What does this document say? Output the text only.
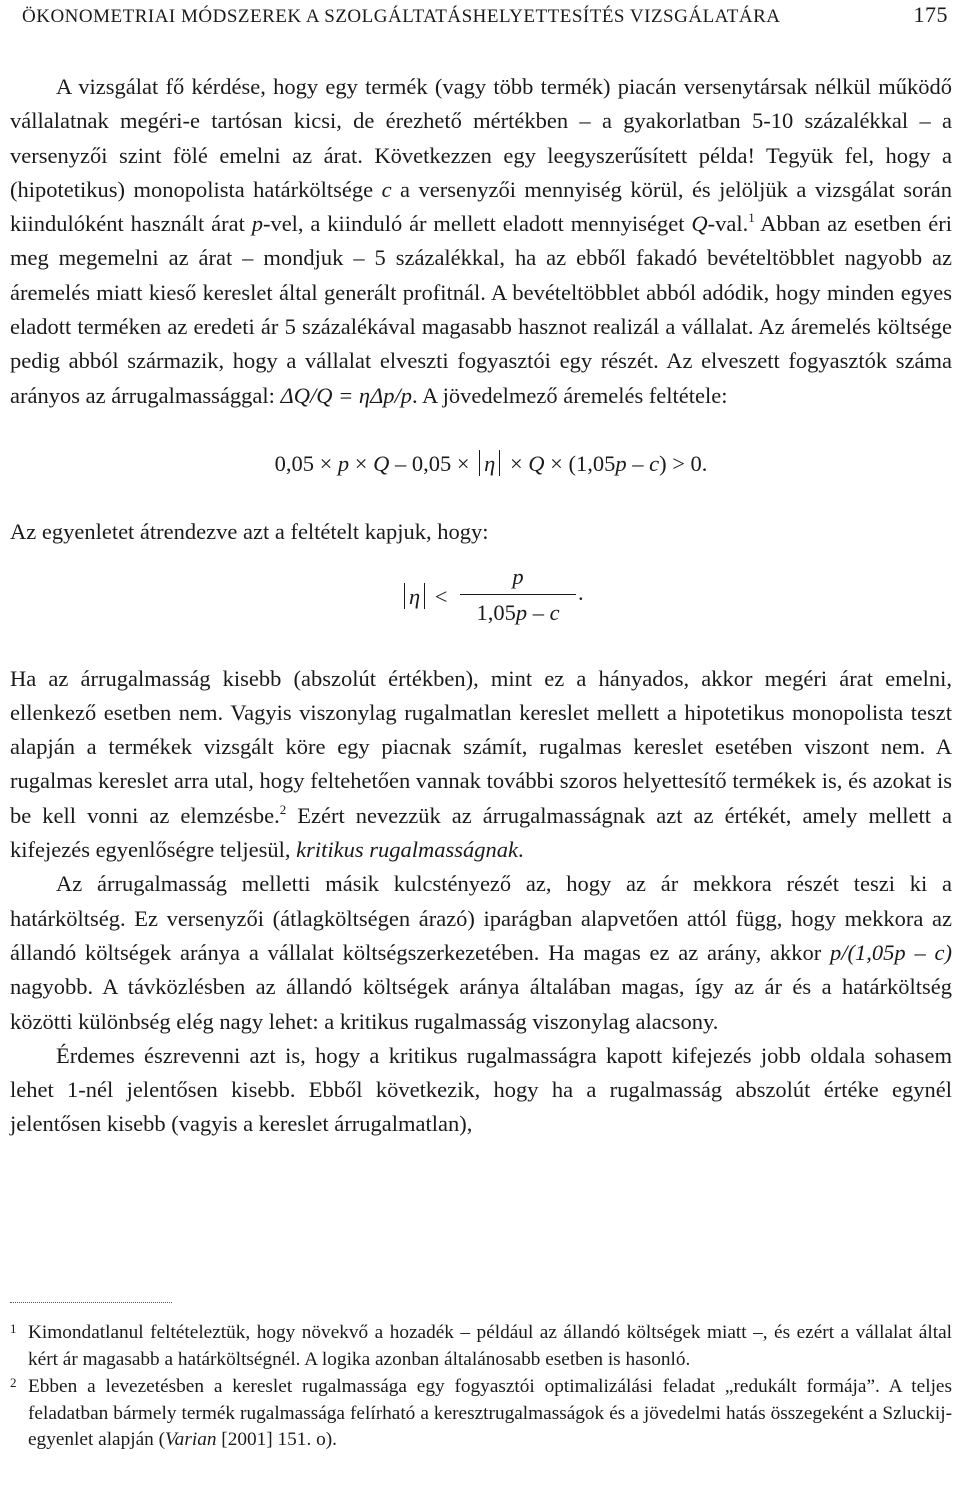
ÖKONOMETRIAI MÓDSZEREK A SZOLGÁLTATÁSHELYETTESÍTÉS VIZSGÁLATÁRA	175

A vizsgálat fő kérdése, hogy egy termék (vagy több termék) piacán versenytársak nélkül működő vállalatnak megéri-e tartósan kicsi, de érezhető mértékben – a gyakorlatban 5-10 százalékkal – a versenyzői szint fölé emelni az árat. Következzen egy leegyszerűsített példa! Tegyük fel, hogy a (hipotetikus) monopolista határköltsége c a versenyzői mennyiség körül, és jelöljük a vizsgálat során kiindulóként használt árat p-vel, a kiinduló ár mellett eladott mennyiséget Q-val.$^1$ Abban az esetben éri meg megemelni az árat – mondjuk – 5 százalékkal, ha az ebből fakadó bevételtöbblet nagyobb az áremelés miatt kieső kereslet által generált profitnál. A bevételtöbblet abból adódik, hogy minden egyes eladott terméken az eredeti ár 5 százalékával magasabb hasznot realizál a vállalat. Az áremelés költsége pedig abból származik, hogy a vállalat elveszti fogyasztói egy részét. Az elveszett fogyasztók száma arányos az árrugalmassággal: ΔQ/Q = ηΔp/p. A jövedelmező áremelés feltétele:

0,05 × p × Q – 0,05 × η × Q × (1,05p – c) > 0.

Az egyenletet átrendezve azt a feltételt kapjuk, hogy:

η <
p
1,05p – c
.

Ha az árrugalmasság kisebb (abszolút értékben), mint ez a hányados, akkor megéri árat emelni, ellenkező esetben nem. Vagyis viszonylag rugalmatlan kereslet mellett a hipotetikus monopolista teszt alapján a termékek vizsgált köre egy piacnak számít, rugalmas kereslet esetében viszont nem. A rugalmas kereslet arra utal, hogy feltehetően vannak további szoros helyettesítő termékek is, és azokat is be kell vonni az elemzésbe.$^2$ Ezért nevezzük az árrugalmasságnak azt az értékét, amely mellett a kifejezés egyenlőségre teljesül, kritikus rugalmasságnak.

Az árrugalmasság melletti másik kulcstényező az, hogy az ár mekkora részét teszi ki a határköltség. Ez versenyzői (átlagköltségen árazó) iparágban alapvetően attól függ, hogy mekkora az állandó költségek aránya a vállalat költségszerkezetében. Ha magas ez az arány, akkor p/(1,05p – c) nagyobb. A távközlésben az állandó költségek aránya általában magas, így az ár és a határköltség közötti különbség elég nagy lehet: a kritikus rugalmasság viszonylag alacsony.

Érdemes észrevenni azt is, hogy a kritikus rugalmasságra kapott kifejezés jobb oldala sohasem lehet 1-nél jelentősen kisebb. Ebből következik, hogy ha a rugalmasság abszolút értéke egynél jelentősen kisebb (vagyis a kereslet árrugalmatlan),

1 Kimondatlanul feltételeztük, hogy növekvő a hozadék – például az állandó költségek miatt –, és ezért a vállalat által kért ár magasabb a határköltségnél. A logika azonban általánosabb esetben is hasonló.

2 Ebben a levezetésben a kereslet rugalmassága egy fogyasztói optimalizálási feladat „redukált formája”. A teljes feladatban bármely termék rugalmassága felírható a keresztrugalmasságok és a jövedelmi hatás összegeként a Szluckij-egyenlet alapján (Varian [2001] 151. o).
